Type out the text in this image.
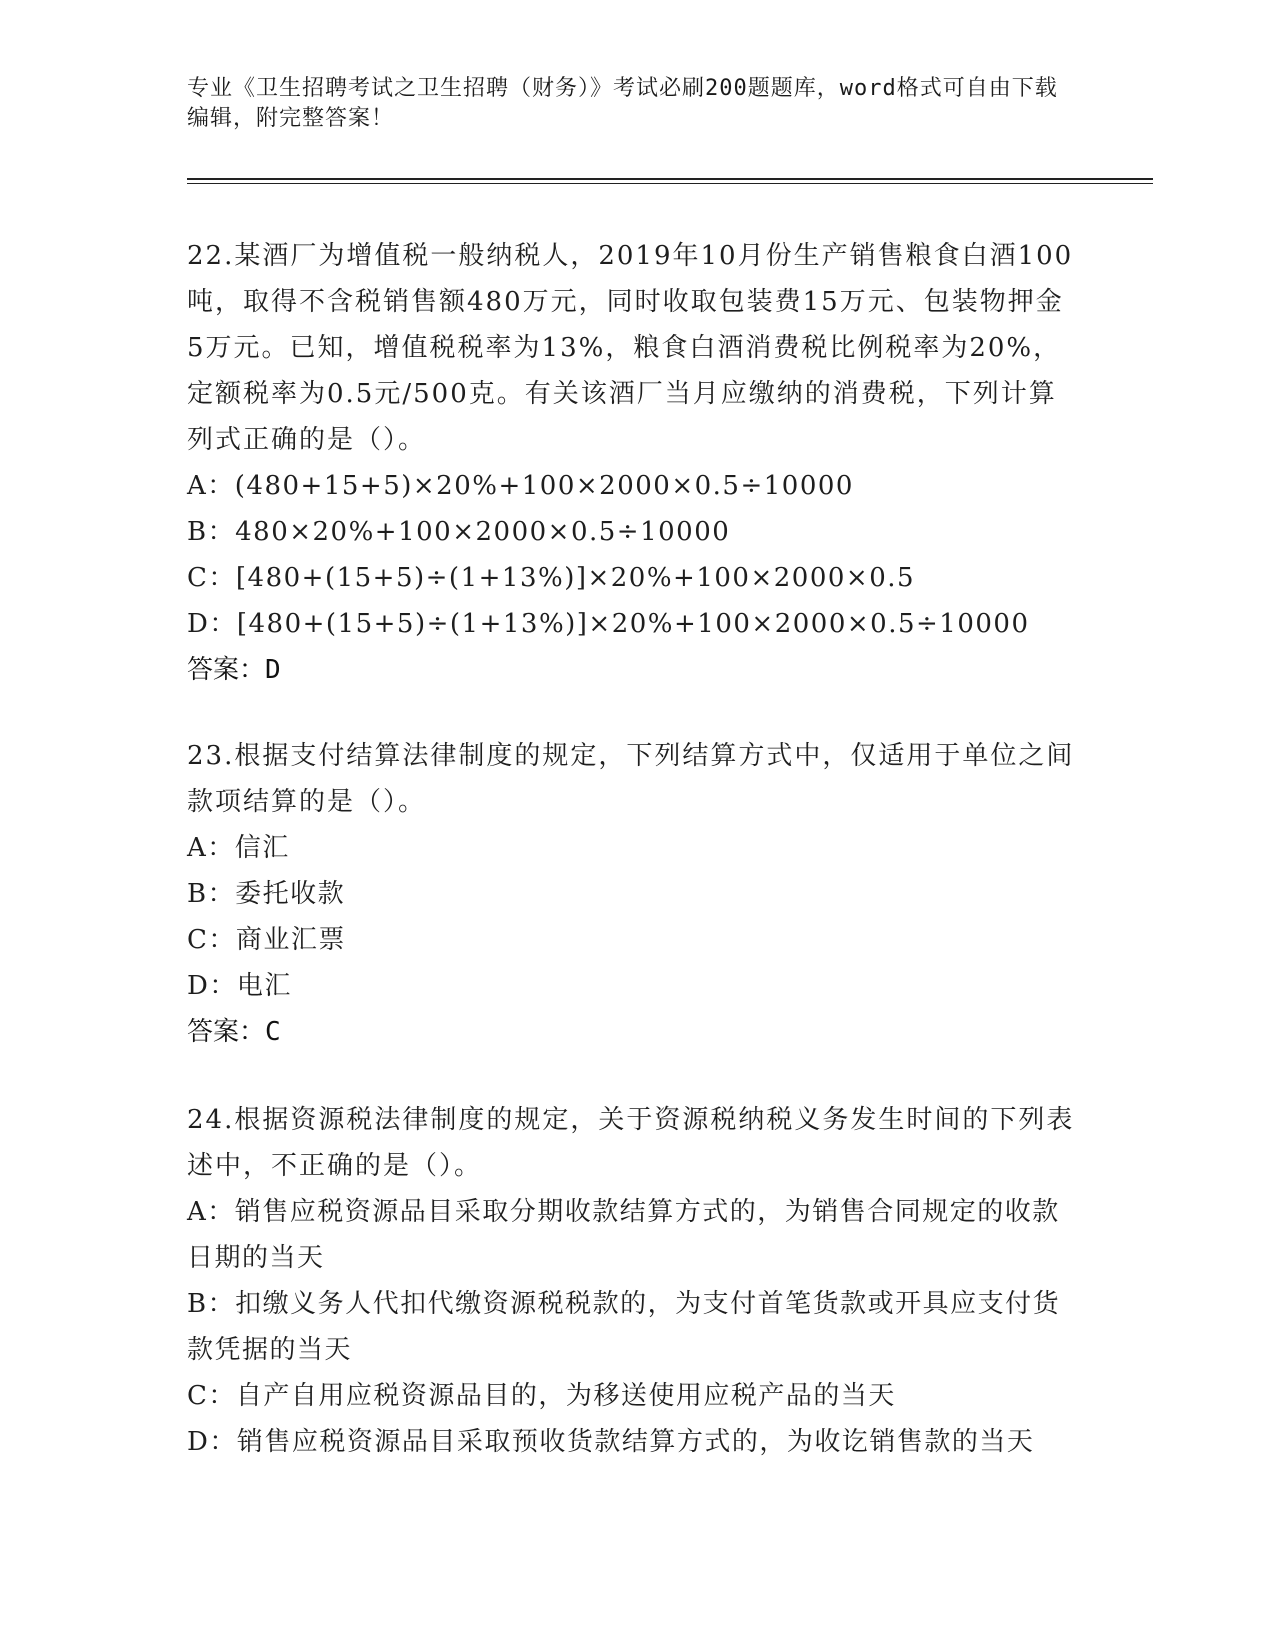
专业《卫生招聘考试之卫生招聘（财务）》考试必刷200题题库，word格式可自由下载编辑，附完整答案！

22.某酒厂为增值税一般纳税人，2019年10月份生产销售粮食白酒100吨，取得不含税销售额480万元，同时收取包装费15万元、包装物押金5万元。已知，增值税税率为13%，粮食白酒消费税比例税率为20%，定额税率为0.5元/500克。有关该酒厂当月应缴纳的消费税，下列计算列式正确的是（）。

A：(480+15+5)×20%+100×2000×0.5÷10000

B：480×20%+100×2000×0.5÷10000

C：[480+(15+5)÷(1+13%)]×20%+100×2000×0.5

D：[480+(15+5)÷(1+13%)]×20%+100×2000×0.5÷10000

答案：D

23.根据支付结算法律制度的规定，下列结算方式中，仅适用于单位之间款项结算的是（）。

A：信汇

B：委托收款

C：商业汇票

D：电汇

答案：C

24.根据资源税法律制度的规定，关于资源税纳税义务发生时间的下列表述中，不正确的是（）。

A：销售应税资源品目采取分期收款结算方式的，为销售合同规定的收款日期的当天

B：扣缴义务人代扣代缴资源税税款的，为支付首笔货款或开具应支付货款凭据的当天

C：自产自用应税资源品目的，为移送使用应税产品的当天

D：销售应税资源品目采取预收货款结算方式的，为收讫销售款的当天
